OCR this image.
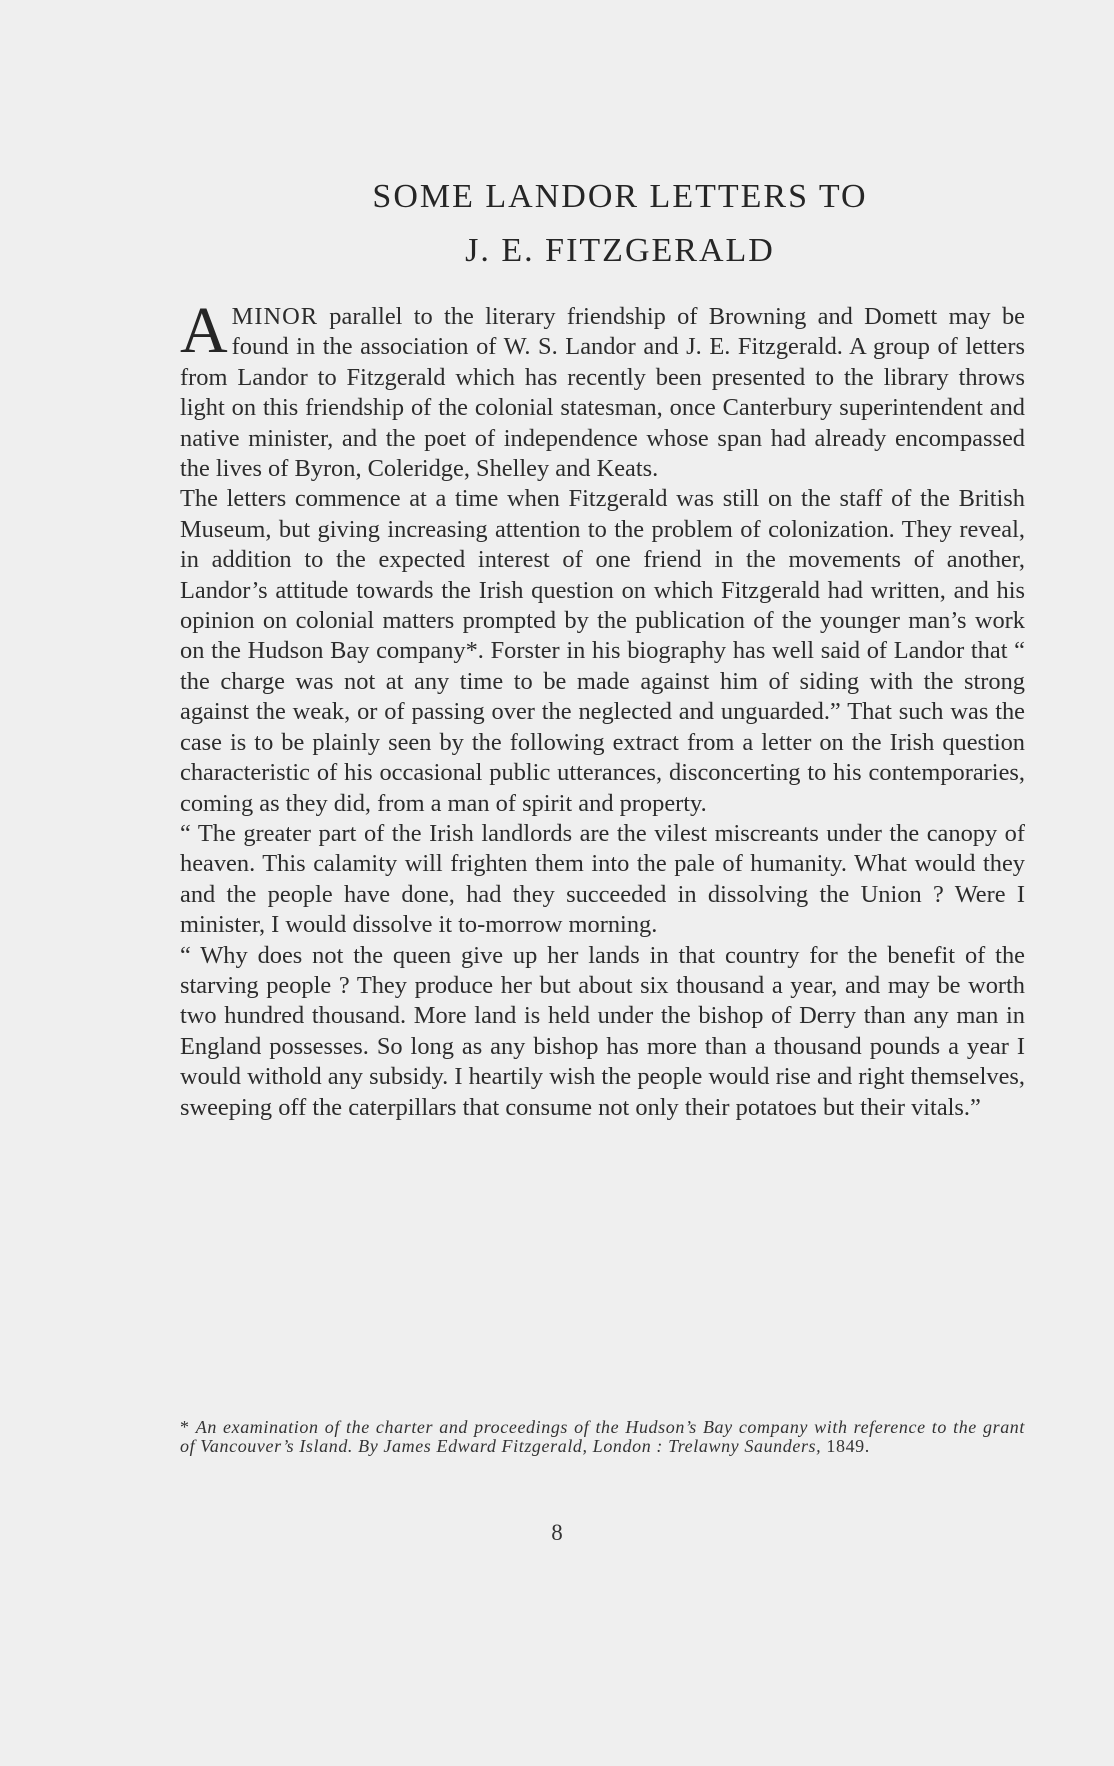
SOME LANDOR LETTERS TO
J. E. FITZGERALD

AMINOR parallel to the literary friendship of Browning and Domett may be found in the association of W. S. Landor and J. E. Fitzgerald. A group of letters from Landor to Fitzgerald which has recently been presented to the library throws light on this friendship of the colonial statesman, once Canterbury superintendent and native minister, and the poet of independence whose span had already encompassed the lives of Byron, Coleridge, Shelley and Keats.

The letters commence at a time when Fitzgerald was still on the staff of the British Museum, but giving increasing attention to the problem of colonization. They reveal, in addition to the expected interest of one friend in the movements of another, Landor’s attitude towards the Irish question on which Fitzgerald had written, and his opinion on colonial matters prompted by the publication of the younger man’s work on the Hudson Bay company*. Forster in his biography has well said of Landor that “ the charge was not at any time to be made against him of siding with the strong against the weak, or of passing over the neglected and unguarded.” That such was the case is to be plainly seen by the following extract from a letter on the Irish question characteristic of his occasional public utterances, disconcerting to his contemporaries, coming as they did, from a man of spirit and property.

“ The greater part of the Irish landlords are the vilest miscreants under the canopy of heaven. This calamity will frighten them into the pale of humanity. What would they and the people have done, had they succeeded in dissolving the Union ? Were I minister, I would dissolve it to-morrow morning.

“ Why does not the queen give up her lands in that country for the benefit of the starving people ? They produce her but about six thousand a year, and may be worth two hundred thousand. More land is held under the bishop of Derry than any man in England possesses. So long as any bishop has more than a thousand pounds a year I would withold any subsidy. I heartily wish the people would rise and right themselves, sweeping off the caterpillars that consume not only their potatoes but their vitals.”

* An examination of the charter and proceedings of the Hudson’s Bay company with reference to the grant of Vancouver’s Island. By James Edward Fitzgerald, London : Trelawny Saunders, 1849.
8
